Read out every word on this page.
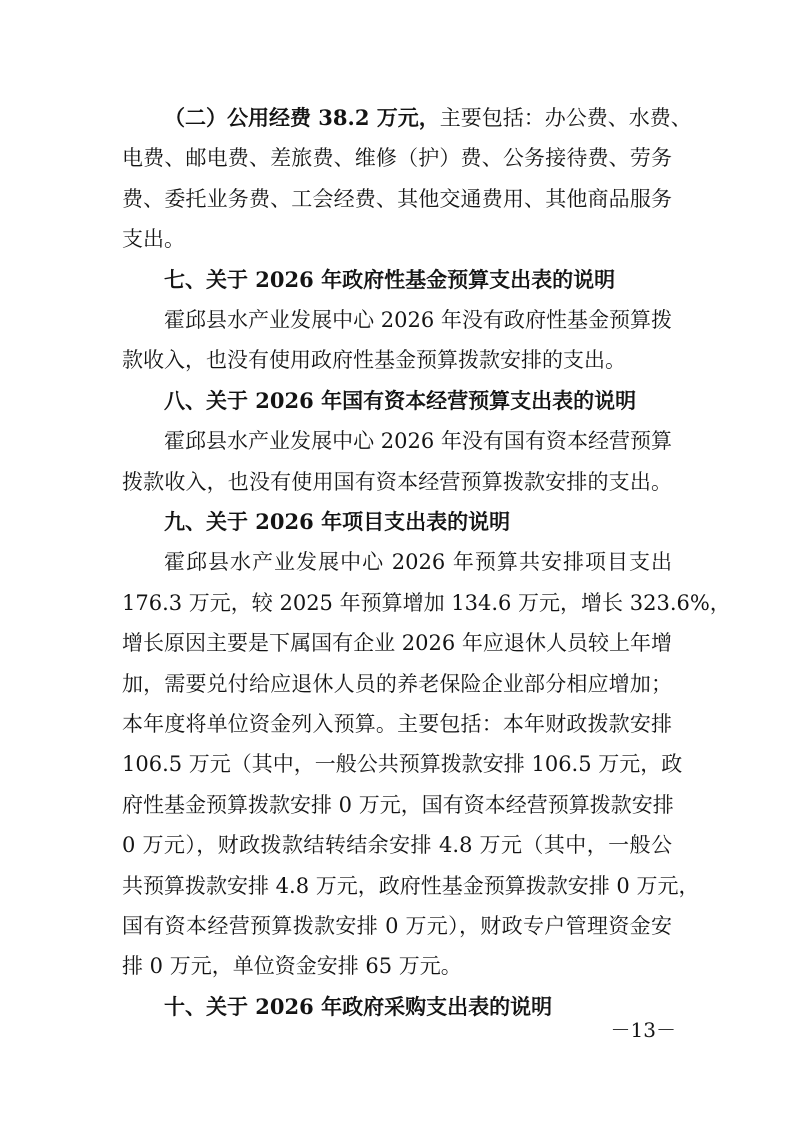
（二）公用经费 38.2 万元，主要包括：办公费、水费、
电费、邮电费、差旅费、维修（护）费、公务接待费、劳务
费、委托业务费、工会经费、其他交通费用、其他商品服务
支出。
七、关于 2026 年政府性基金预算支出表的说明
霍邱县水产业发展中心 2026 年没有政府性基金预算拨
款收入，也没有使用政府性基金预算拨款安排的支出。
八、关于 2026 年国有资本经营预算支出表的说明
霍邱县水产业发展中心 2026 年没有国有资本经营预算
拨款收入，也没有使用国有资本经营预算拨款安排的支出。
九、关于 2026 年项目支出表的说明
霍邱县水产业发展中心 2026 年预算共安排项目支出
176.3 万元，较 2025 年预算增加 134.6 万元，增长 323.6%，
增长原因主要是下属国有企业 2026 年应退休人员较上年增
加，需要兑付给应退休人员的养老保险企业部分相应增加；
本年度将单位资金列入预算。主要包括：本年财政拨款安排
106.5 万元（其中，一般公共预算拨款安排 106.5 万元，政
府性基金预算拨款安排 0 万元，国有资本经营预算拨款安排
0 万元），财政拨款结转结余安排 4.8 万元（其中，一般公
共预算拨款安排 4.8 万元，政府性基金预算拨款安排 0 万元，
国有资本经营预算拨款安排 0 万元），财政专户管理资金安
排 0 万元，单位资金安排 65 万元。
十、关于 2026 年政府采购支出表的说明
－13－
